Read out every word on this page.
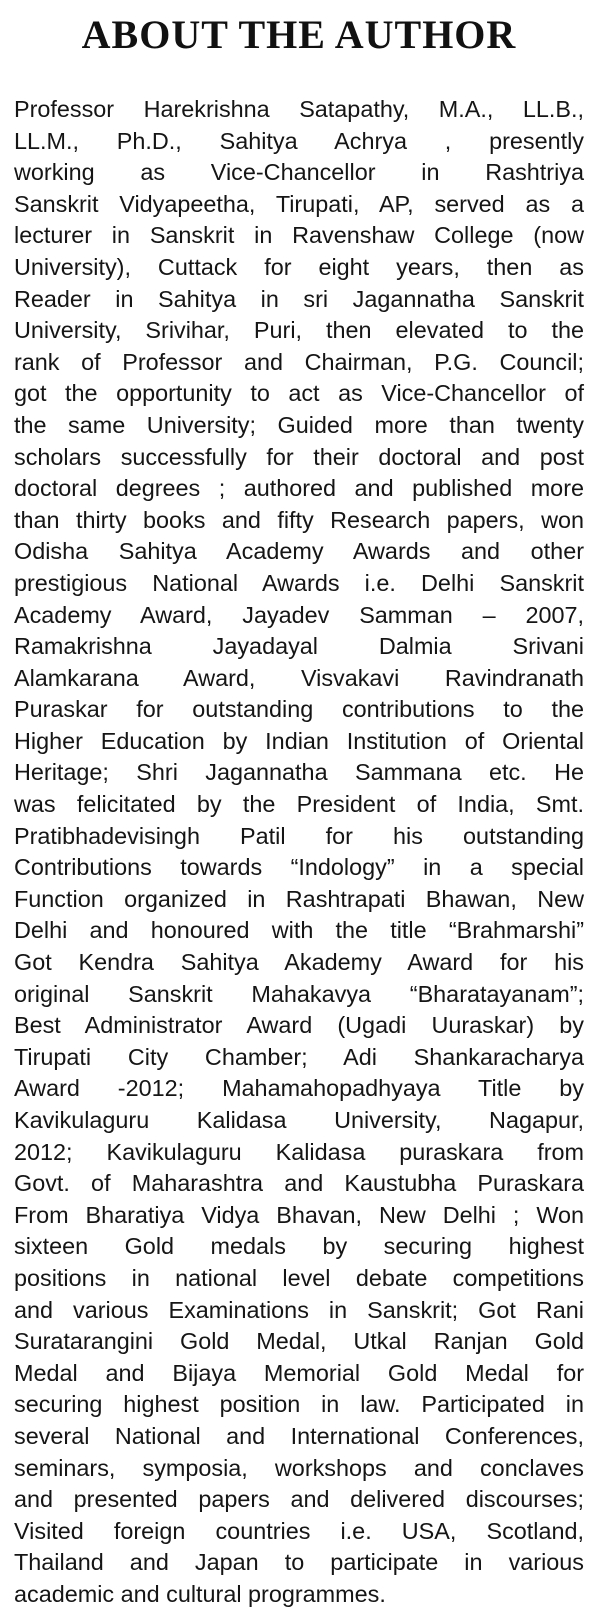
ABOUT THE AUTHOR
Professor Harekrishna Satapathy, M.A., LL.B.,
LL.M., Ph.D., Sahitya Achrya , presently
working as Vice-Chancellor in Rashtriya
Sanskrit Vidyapeetha, Tirupati, AP, served as a
lecturer in Sanskrit in Ravenshaw College (now
University), Cuttack for eight years, then as
Reader in Sahitya in sri Jagannatha Sanskrit
University, Srivihar, Puri, then elevated to the
rank of Professor and Chairman, P.G. Council;
got the opportunity to act as Vice-Chancellor of
the same University; Guided more than twenty
scholars successfully for their doctoral and post
doctoral degrees ; authored and published more
than thirty books and fifty Research papers, won
Odisha Sahitya Academy Awards and other
prestigious National Awards i.e. Delhi Sanskrit
Academy Award, Jayadev Samman – 2007,
Ramakrishna Jayadayal Dalmia Srivani
Alamkarana Award, Visvakavi Ravindranath
Puraskar for outstanding contributions to the
Higher Education by Indian Institution of Oriental
Heritage; Shri Jagannatha Sammana etc. He
was felicitated by the President of India, Smt.
Pratibhadevisingh Patil for his outstanding
Contributions towards “Indology” in a special
Function organized in Rashtrapati Bhawan, New
Delhi and honoured with the title “Brahmarshi”
Got Kendra Sahitya Akademy Award for his
original Sanskrit Mahakavya “Bharatayanam”;
Best Administrator Award (Ugadi Uuraskar) by
Tirupati City Chamber; Adi Shankaracharya
Award -2012; Mahamahopadhyaya Title by
Kavikulaguru Kalidasa University, Nagapur,
2012; Kavikulaguru Kalidasa puraskara from
Govt. of Maharashtra and Kaustubha Puraskara
From Bharatiya Vidya Bhavan, New Delhi ; Won
sixteen Gold medals by securing highest
positions in national level debate competitions
and various Examinations in Sanskrit; Got Rani
Suratarangini Gold Medal, Utkal Ranjan Gold
Medal and Bijaya Memorial Gold Medal for
securing highest position in law. Participated in
several National and International Conferences,
seminars, symposia, workshops and conclaves
and presented papers and delivered discourses;
Visited foreign countries i.e. USA, Scotland,
Thailand and Japan to participate in various
academic and cultural programmes.
